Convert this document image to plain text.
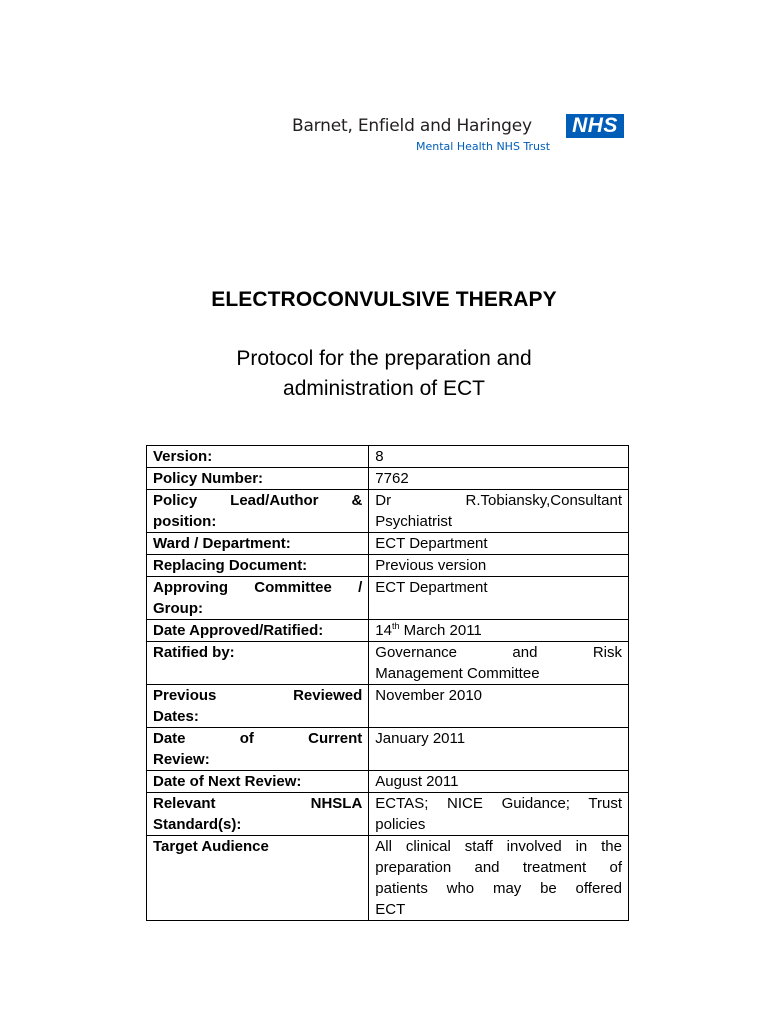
Barnet, Enfield and Haringey NHS
Mental Health NHS Trust
ELECTROCONVULSIVE THERAPY
Protocol for the preparation and
administration of ECT
Version:	8
Policy Number:	7762

Policy Lead/Author &
position:	Dr R.Tobiansky,Consultant
Psychiatrist
Ward / Department:	ECT Department
Replacing Document:	Previous version

Approving Committee /
Group:	ECT Department
Date Approved/Ratified:	14th March 2011
Ratified by:	Governance and Risk
Management Committee

Previous Reviewed
Dates:	November 2010

Date of Current
Review:	January 2011
Date of Next Review:	August 2011

Relevant NHSLA
Standard(s):	ECTAS; NICE Guidance; Trust
policies
Target Audience	All clinical staff involved in the
preparation and treatment of
patients who may be offered
ECT
